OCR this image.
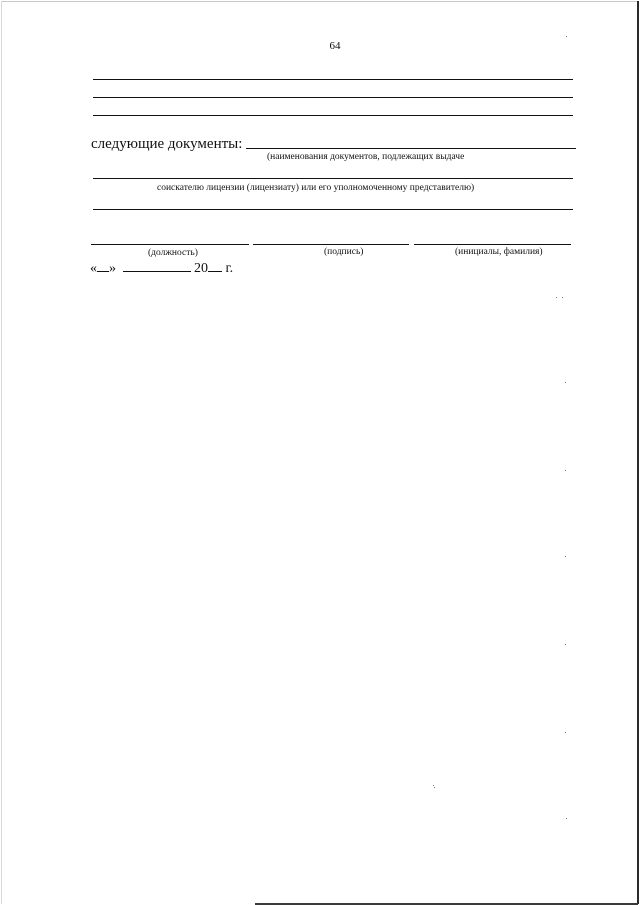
64
следующие документы:
(наименования документов, подлежащих выдаче
соискателю лицензии (лицензиату) или его уполномоченному представителю)
(должность)	(подпись)	(инициалы, фамилия)
« »	20 г.
